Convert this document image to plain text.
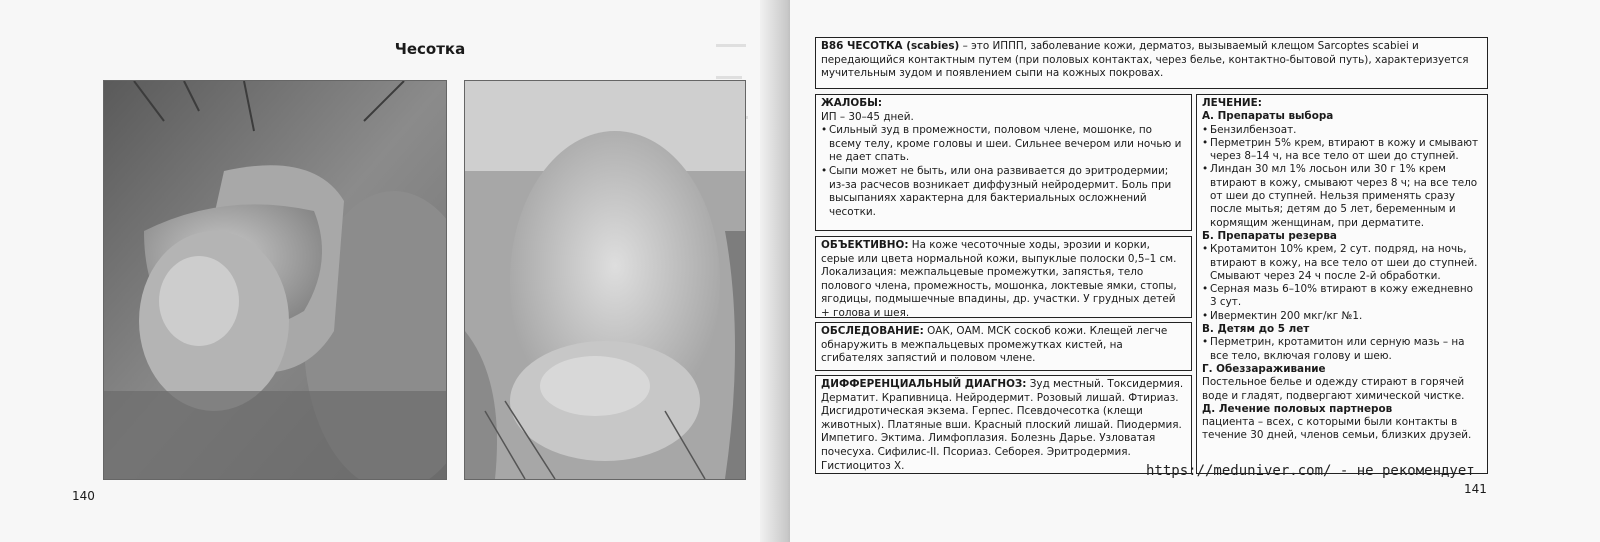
Чесотка
140
В86 ЧЕСОТКА (scabies) – это ИППП, заболевание кожи, дерматоз, вызываемый клещом Sarcoptes scabiei и передающийся контактным путем (при половых контактах, через белье, контактно-бытовой путь), характеризуется мучительным зудом и появлением сыпи на кожных покровах.
ЖАЛОБЫ:
ИП – 30–45 дней.
• Сильный зуд в промежности, половом члене, мошонке, по всему телу, кроме головы и шеи. Сильнее вечером или ночью и не дает спать.
• Сыпи может не быть, или она развивается до эритродермии; из-за расчесов возникает диффузный нейродермит. Боль при высыпаниях характерна для бактериальных осложнений чесотки.
ОБЪЕКТИВНО: На коже чесоточные ходы, эрозии и корки, серые или цвета нормальной кожи, выпуклые полоски 0,5–1 см. Локализация: межпальцевые промежутки, запястья, тело полового члена, промежность, мошонка, локтевые ямки, стопы, ягодицы, подмышечные впадины, др. участки. У грудных детей + голова и шея.
ОБСЛЕДОВАНИЕ: ОАК, ОАМ. МСК соскоб кожи. Клещей легче обнаружить в межпальцевых промежутках кистей, на сгибателях запястий и половом члене.
ДИФФЕРЕНЦИАЛЬНЫЙ ДИАГНОЗ: Зуд местный. Токсидермия. Дерматит. Крапивница. Нейродермит. Розовый лишай. Фтириаз. Дисгидротическая экзема. Герпес. Псевдочесотка (клещи животных). Платяные вши. Красный плоский лишай. Пиодермия. Импетиго. Эктима. Лимфоплазия. Болезнь Дарье. Узловатая почесуха. Сифилис-II. Псориаз. Себорея. Эритродермия. Гистиоцитоз X.
ЛЕЧЕНИЕ:
А. Препараты выбора
• Бензилбензоат.
• Перметрин 5% крем, втирают в кожу и смывают через 8–14 ч, на все тело от шеи до ступней.
• Линдан 30 мл 1% лосьон или 30 г 1% крем втирают в кожу, смывают через 8 ч; на все тело от шеи до ступней. Нельзя применять сразу после мытья; детям до 5 лет, беременным и кормящим женщинам, при дерматите.
Б. Препараты резерва
• Кротамитон 10% крем, 2 сут. подряд, на ночь, втирают в кожу, на все тело от шеи до ступней. Смывают через 24 ч после 2-й обработки.
• Серная мазь 6–10% втирают в кожу ежедневно 3 сут.
• Ивермектин 200 мкг/кг №1.
В. Детям до 5 лет
• Перметрин, кротамитон или серную мазь – на все тело, включая голову и шею.
Г. Обеззараживание
Постельное белье и одежду стирают в горячей воде и гладят, подвергают химической чистке.
Д. Лечение половых партнеров
пациента – всех, с которыми были контакты в течение 30 дней, членов семьи, близких друзей.
141
https://meduniver.com/ - не рекомендует
